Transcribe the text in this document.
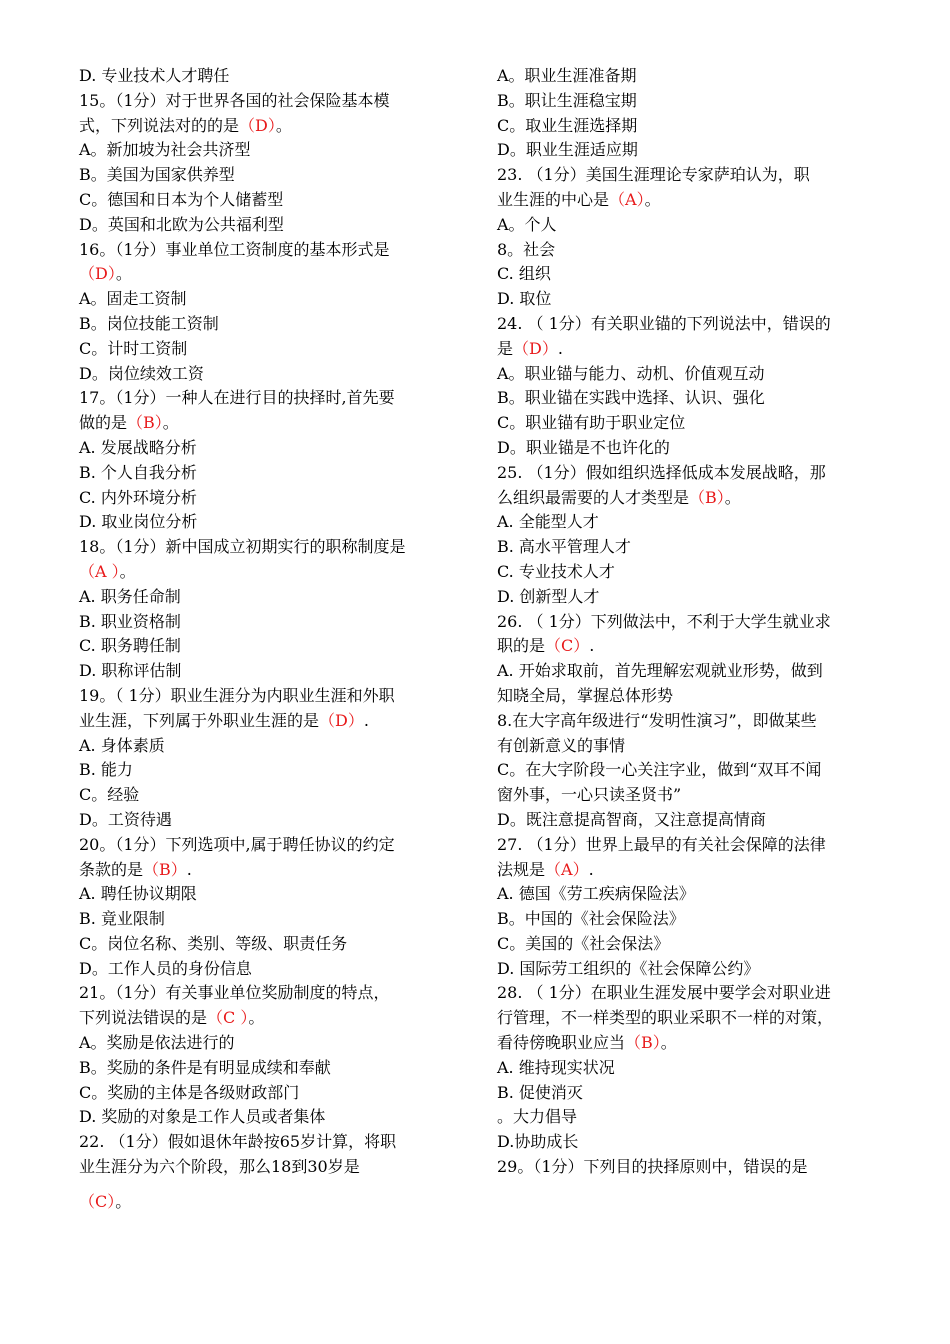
D. 专业技术人才聘任
15。（1分）对于世界各国的社会保险基本模
式，下列说法对的的是（D）。
A。新加坡为社会共济型
B。美国为国家供养型
C。德国和日本为个人储蓄型
D。英国和北欧为公共福利型
16。（1分）事业单位工资制度的基本形式是
（D）。
A。固走工资制
B。岗位技能工资制
C。计时工资制
D。岗位续效工资
17。（1分）一种人在进行目的抉择时,首先要
做的是（B）。
A. 发展战略分析
B. 个人自我分析
C. 内外环境分析
D. 取业岗位分析
18。（1分）新中国成立初期实行的职称制度是
（A ）。
A. 职务任命制
B. 职业资格制
C. 职务聘任制
D. 职称评估制
19。（ 1分）职业生涯分为内职业生涯和外职
业生涯，下列属于外职业生涯的是（D）.
A. 身体素质
B. 能力
C。经验
D。工资待遇
20。（1分）下列选项中,属于聘任协议的约定
条款的是（B）.
A. 聘任协议期限
B. 竟业限制
C。岗位名称、类别、等级、职责任务
D。工作人员的身份信息
21。（1分）有关事业单位奖励制度的特点，
下列说法错误的是（C ）。
A。奖励是依法进行的
B。奖励的条件是有明显成续和奉献
C。奖励的主体是各级财政部门
D. 奖励的对象是工作人员或者集体
22. （1分）假如退休年龄按65岁计算，将职
业生涯分为六个阶段，那么18到30岁是
（C）。
A。职业生涯准备期
B。职让生涯稳宝期
C。取业生涯选择期
D。职业生涯适应期
23. （1分）美国生涯理论专家萨珀认为，职
业生涯的中心是（A）。
A。个人
8。社会
C. 组织
D. 取位
24. （ 1分）有关职业锚的下列说法中，错误的
是（D）.
A。职业锚与能力、动机、价值观互动
B。职业锚在实践中选择、认识、强化
C。职业锚有助于职业定位
D。职业锚是不也许化的
25. （1分）假如组织选择低成本发展战略，那
么组织最需要的人才类型是（B）。
A. 全能型人才
B. 高水平管理人才
C. 专业技术人才
D. 创新型人才
26. （ 1分）下列做法中，不利于大学生就业求
职的是（C）.
A. 开始求取前，首先理解宏观就业形势，做到
知晓全局，掌握总体形势
8.在大字高年级进行“发明性演习”，即做某些
有创新意义的事情
C。在大字阶段一心关注字业，做到“双耳不闻
窗外事，一心只读圣贤书”
D。既注意提高智商，又注意提高情商
27. （1分）世界上最早的有关社会保障的法律
法规是（A）.
A. 德国《劳工疾病保险法》
B。中国的《社会保险法》
C。美国的《社会保法》
D. 国际劳工组织的《社会保障公约》
28. （ 1分）在职业生涯发展中要学会对职业进
行管理，不一样类型的职业采职不一样的对策，
看待傍晚职业应当（B）。
A. 维持现实状况
B. 促使消灭
。大力倡导
D.协助成长
29。（1分）下列目的抉择原则中，错误的是
